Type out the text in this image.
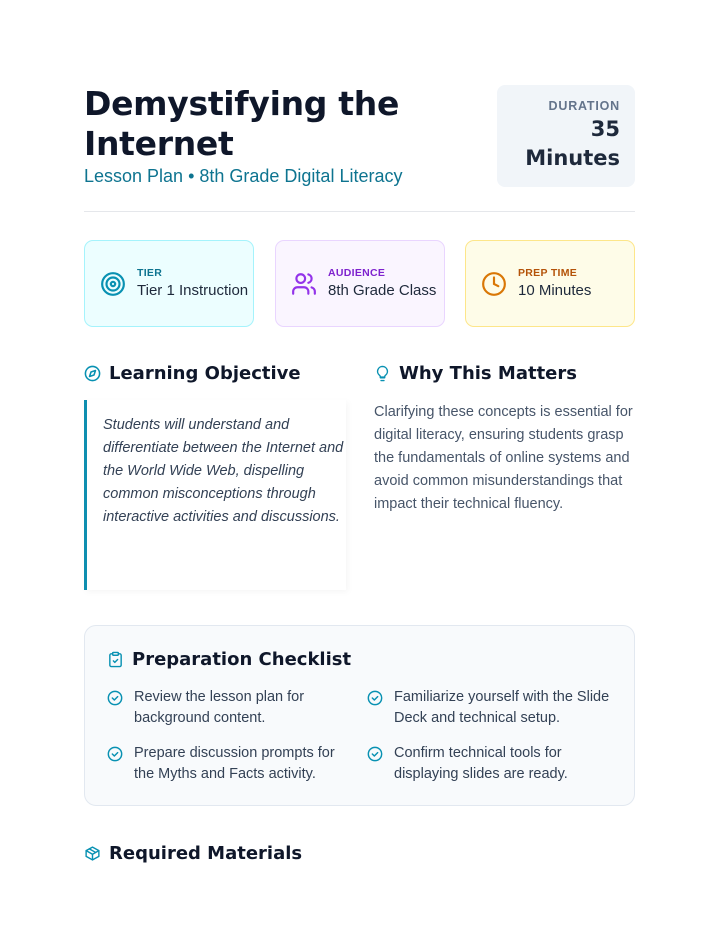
Demystifying the Internet
Lesson Plan • 8th Grade Digital Literacy
DURATION
35 Minutes
TIER
Tier 1 Instruction
AUDIENCE
8th Grade Class
PREP TIME
10 Minutes
Learning Objective

Students will understand and differentiate between the Internet and the World Wide Web, dispelling common misconceptions through interactive activities and discussions.

Why This Matters
Clarifying these concepts is essential for digital literacy, ensuring students grasp the fundamentals of online systems and avoid common misunderstandings that impact their technical fluency.
Preparation Checklist
Review the lesson plan for background content.
Familiarize yourself with the Slide Deck and technical setup.
Prepare discussion prompts for the Myths and Facts activity.
Confirm technical tools for displaying slides are ready.
Required Materials
